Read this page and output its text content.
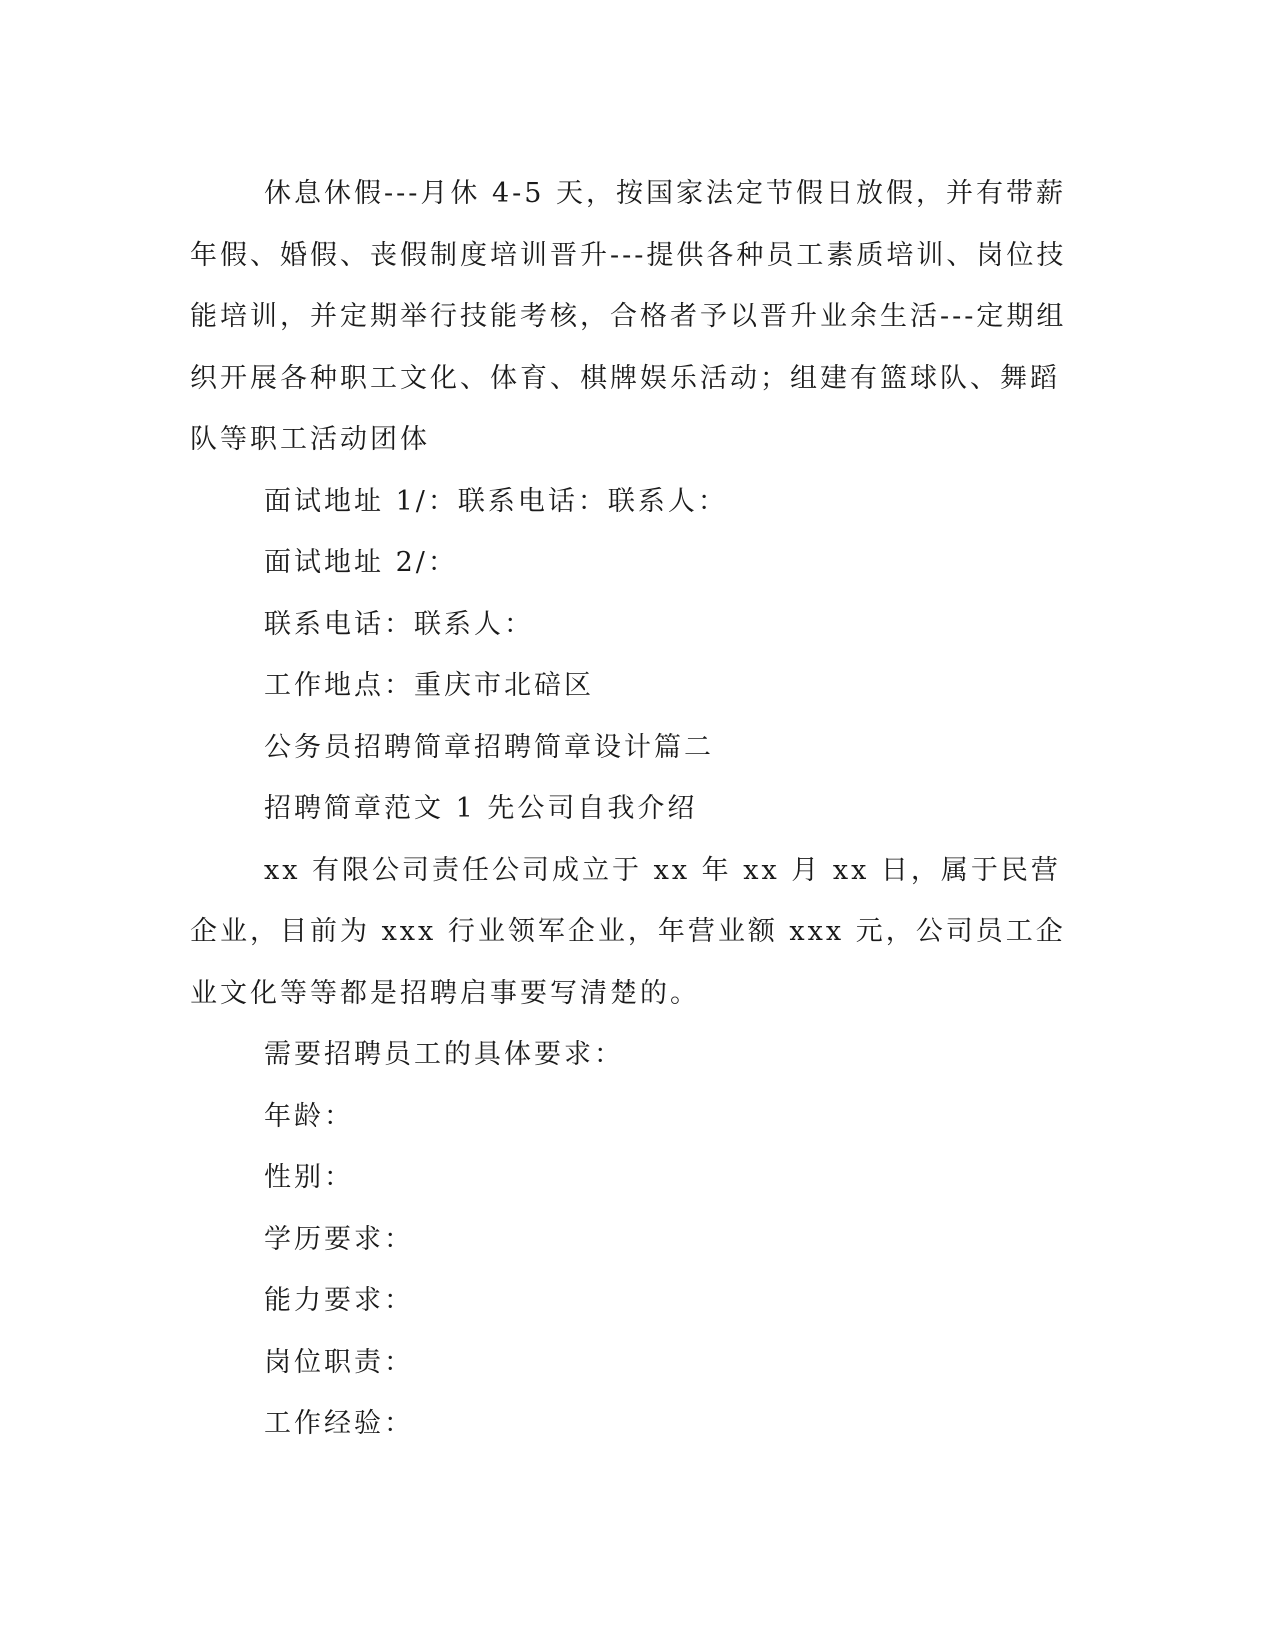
休息休假---月休 4-5 天，按国家法定节假日放假，并有带薪年假、婚假、丧假制度培训晋升---提供各种员工素质培训、岗位技能培训，并定期举行技能考核，合格者予以晋升业余生活---定期组织开展各种职工文化、体育、棋牌娱乐活动；组建有篮球队、舞蹈队等职工活动团体

面试地址 1/：联系电话：联系人：

面试地址 2/：

联系电话：联系人：

工作地点：重庆市北碚区

公务员招聘简章招聘简章设计篇二

招聘简章范文 1 先公司自我介绍

xx 有限公司责任公司成立于 xx 年 xx 月 xx 日，属于民营企业，目前为 xxx 行业领军企业，年营业额 xxx 元，公司员工企业文化等等都是招聘启事要写清楚的。

需要招聘员工的具体要求：

年龄：

性别：

学历要求：

能力要求：

岗位职责：

工作经验：
